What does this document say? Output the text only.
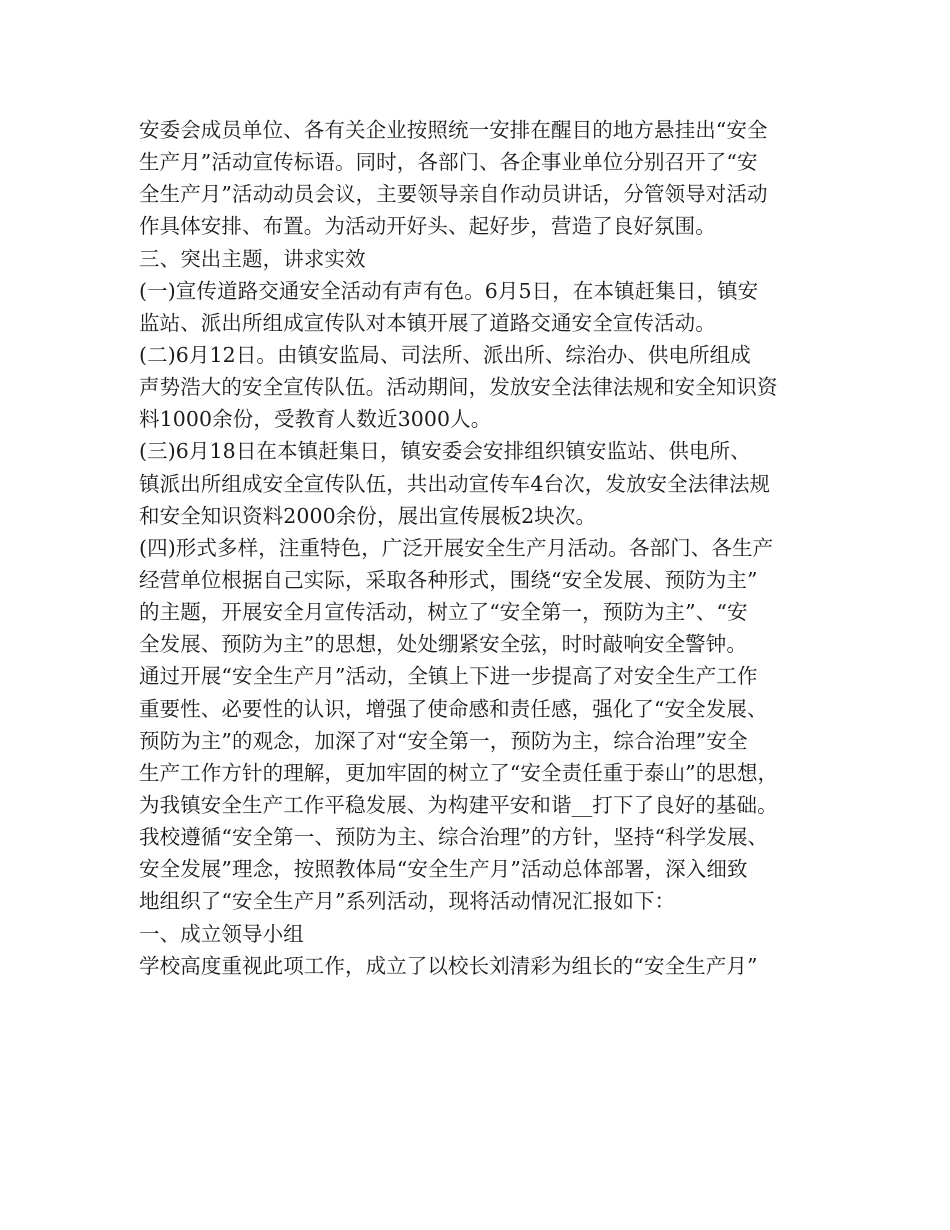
安委会成员单位、各有关企业按照统一安排在醒目的地方悬挂出“安全
生产月”活动宣传标语。同时，各部门、各企事业单位分别召开了“安
全生产月”活动动员会议，主要领导亲自作动员讲话，分管领导对活动
作具体安排、布置。为活动开好头、起好步，营造了良好氛围。
三、突出主题，讲求实效
(一)宣传道路交通安全活动有声有色。6月5日，在本镇赶集日，镇安
监站、派出所组成宣传队对本镇开展了道路交通安全宣传活动。
(二)6月12日。由镇安监局、司法所、派出所、综治办、供电所组成
声势浩大的安全宣传队伍。活动期间，发放安全法律法规和安全知识资
料1000余份，受教育人数近3000人。
(三)6月18日在本镇赶集日，镇安委会安排组织镇安监站、供电所、
镇派出所组成安全宣传队伍，共出动宣传车4台次，发放安全法律法规
和安全知识资料2000余份，展出宣传展板2块次。
(四)形式多样，注重特色，广泛开展安全生产月活动。各部门、各生产
经营单位根据自己实际，采取各种形式，围绕“安全发展、预防为主”
的主题，开展安全月宣传活动，树立了“安全第一，预防为主”、“安
全发展、预防为主”的思想，处处绷紧安全弦，时时敲响安全警钟。
通过开展“安全生产月”活动，全镇上下进一步提高了对安全生产工作
重要性、必要性的认识，增强了使命感和责任感，强化了“安全发展、
预防为主”的观念，加深了对“安全第一，预防为主，综合治理”安全
生产工作方针的理解，更加牢固的树立了“安全责任重于泰山”的思想，
为我镇安全生产工作平稳发展、为构建平安和谐__打下了良好的基础。
我校遵循“安全第一、预防为主、综合治理”的方针，坚持“科学发展、
安全发展”理念，按照教体局“安全生产月”活动总体部署，深入细致
地组织了“安全生产月”系列活动，现将活动情况汇报如下：
一、成立领导小组
学校高度重视此项工作，成立了以校长刘清彩为组长的“安全生产月”
